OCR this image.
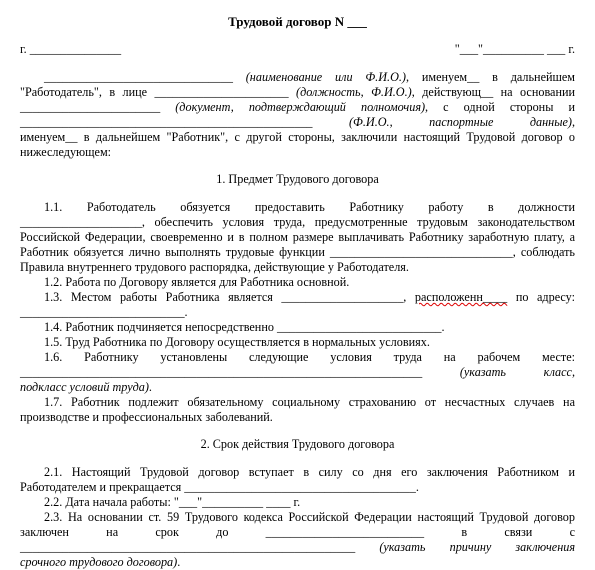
Трудовой договор N ___
г. _______________	"___"__________ ___ г.
_______________________________ (наименование или Ф.И.О.), именуем__ в дальнейшем
"Работодатель", в лице ______________________ (должность, Ф.И.О.), действующ__ на основании
_______________________ (документ, подтверждающий полномочия), с одной стороны и
________________________________________________ (Ф.И.О., паспортные данные),
именуем__ в дальнейшем "Работник", с другой стороны, заключили настоящий Трудовой договор о
нижеследующем:
1. Предмет Трудового договора
1.1. Работодатель обязуется предоставить Работнику работу в должности
____________________, обеспечить условия труда, предусмотренные трудовым законодательством
Российской Федерации, своевременно и в полном размере выплачивать Работнику заработную плату, а
Работник обязуется лично выполнять трудовые функции ______________________________, соблюдать
Правила внутреннего трудового распорядка, действующие у Работодателя.
1.2. Работа по Договору является для Работника основной.
1.3. Местом работы Работника является ____________________, расположенн____ по адресу:
___________________________.
1.4. Работник подчиняется непосредственно ___________________________.
1.5. Труд Работника по Договору осуществляется в нормальных условиях.
1.6. Работнику установлены следующие условия труда на рабочем месте:
__________________________________________________________________ (указать класс,
подкласс условий труда).
1.7. Работник подлежит обязательному социальному страхованию от несчастных случаев на
производстве и профессиональных заболеваний.
2. Срок действия Трудового договора
2.1. Настоящий Трудовой договор вступает в силу со дня его заключения Работником и
Работодателем и прекращается ______________________________________.
2.2. Дата начала работы: "___"__________ ____ г.
2.3. На основании ст. 59 Трудового кодекса Российской Федерации настоящий Трудовой договор
заключен на срок до __________________________ в связи с
_______________________________________________________ (указать причину заключения
срочного трудового договора).
